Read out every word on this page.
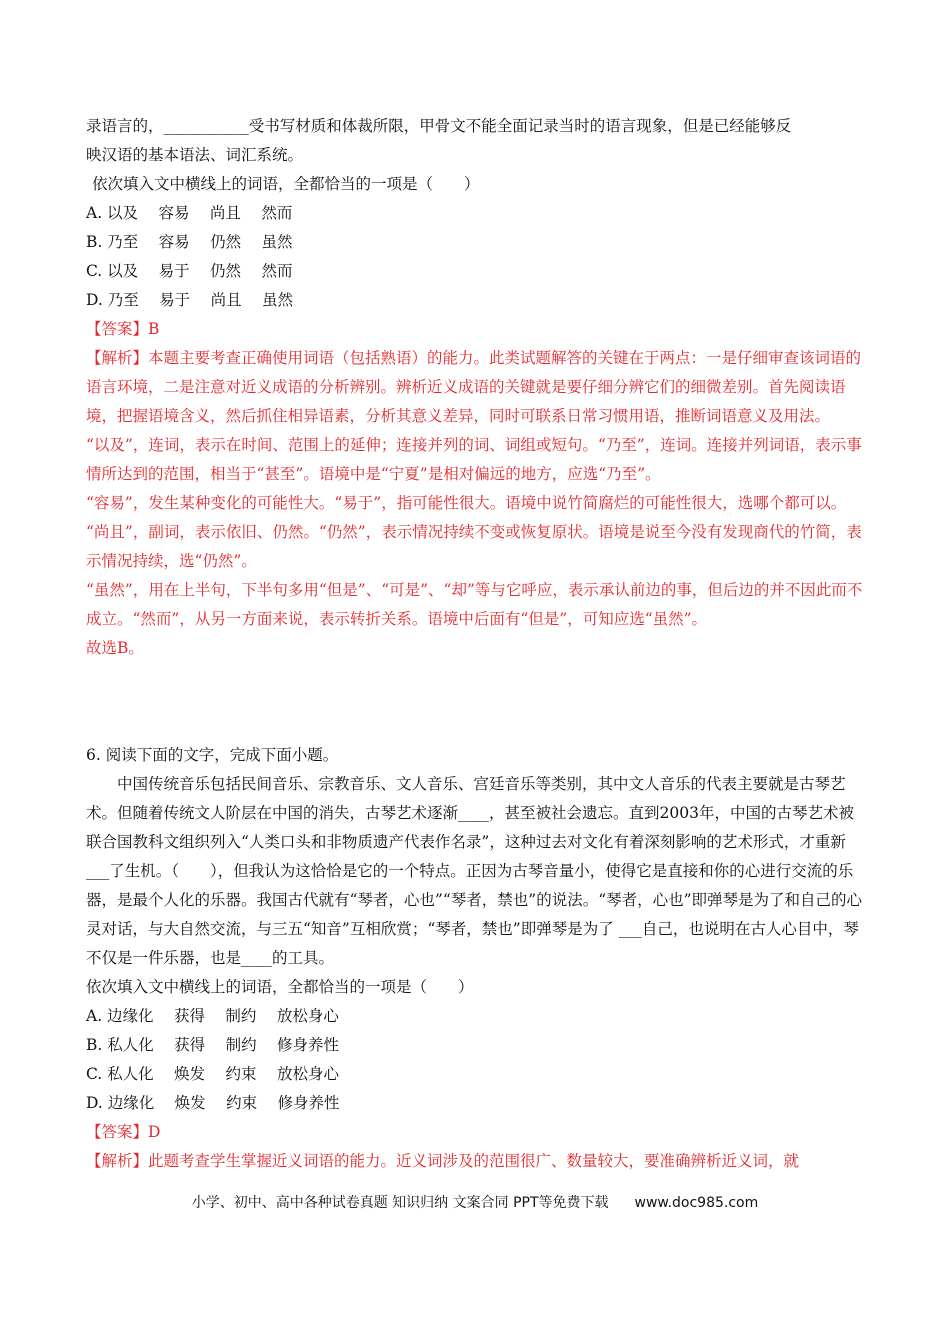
录语言的，___________受书写材质和体裁所限，甲骨文不能全面记录当时的语言现象，但是已经能够反

映汉语的基本语法、词汇系统。

依次填入文中横线上的词语，全都恰当的一项是（　　）

A. 以及　 容易　 尚且　 然而

B. 乃至　 容易　 仍然　 虽然

C. 以及　 易于　 仍然　 然而

D. 乃至　 易于　 尚且　 虽然

【答案】B

【解析】本题主要考查正确使用词语（包括熟语）的能力。此类试题解答的关键在于两点：一是仔细审查该词语的语言环境，二是注意对近义成语的分析辨别。辨析近义成语的关键就是要仔细分辨它们的细微差别。首先阅读语境，把握语境含义，然后抓住相异语素，分析其意义差异，同时可联系日常习惯用语，推断词语意义及用法。

“以及”，连词，表示在时间、范围上的延伸；连接并列的词、词组或短句。“乃至”，连词。连接并列词语，表示事情所达到的范围，相当于“甚至”。语境中是“宁夏”是相对偏远的地方，应选“乃至”。

“容易”，发生某种变化的可能性大。“易于”，指可能性很大。语境中说竹简腐烂的可能性很大，选哪个都可以。

“尚且”，副词，表示依旧、仍然。“仍然”，表示情况持续不变或恢复原状。语境是说至今没有发现商代的竹简，表示情况持续，选“仍然”。

“虽然”，用在上半句，下半句多用“但是”、“可是”、“却”等与它呼应，表示承认前边的事，但后边的并不因此而不成立。“然而”，从另一方面来说，表示转折关系。语境中后面有“但是”，可知应选“虽然”。

故选B。

6. 阅读下面的文字，完成下面小题。

中国传统音乐包括民间音乐、宗教音乐、文人音乐、宫廷音乐等类别，其中文人音乐的代表主要就是古琴艺术。但随着传统文人阶层在中国的消失，古琴艺术逐渐____，甚至被社会遗忘。直到2003年，中国的古琴艺术被联合国教科文组织列入“人类口头和非物质遗产代表作名录”，这种过去对文化有着深刻影响的艺术形式，才重新___了生机。（　　），但我认为这恰恰是它的一个特点。正因为古琴音量小，使得它是直接和你的心进行交流的乐器，是最个人化的乐器。我国古代就有“琴者，心也”“琴者，禁也”的说法。“琴者，心也”即弹琴是为了和自己的心灵对话，与大自然交流，与三五“知音”互相欣赏；“琴者，禁也”即弹琴是为了 ___自己，也说明在古人心目中，琴不仅是一件乐器，也是____的工具。

依次填入文中横线上的词语，全都恰当的一项是（　　）

A. 边缘化　 获得　 制约　 放松身心

B. 私人化　 获得　 制约　 修身养性

C. 私人化　 焕发　 约束　 放松身心

D. 边缘化　 焕发　 约束　 修身养性

【答案】D

【解析】此题考查学生掌握近义词语的能力。近义词涉及的范围很广、数量较大，要准确辨析近义词，就

小学、初中、高中各种试卷真题 知识归纳 文案合同 PPT等免费下载 www.doc985.com
